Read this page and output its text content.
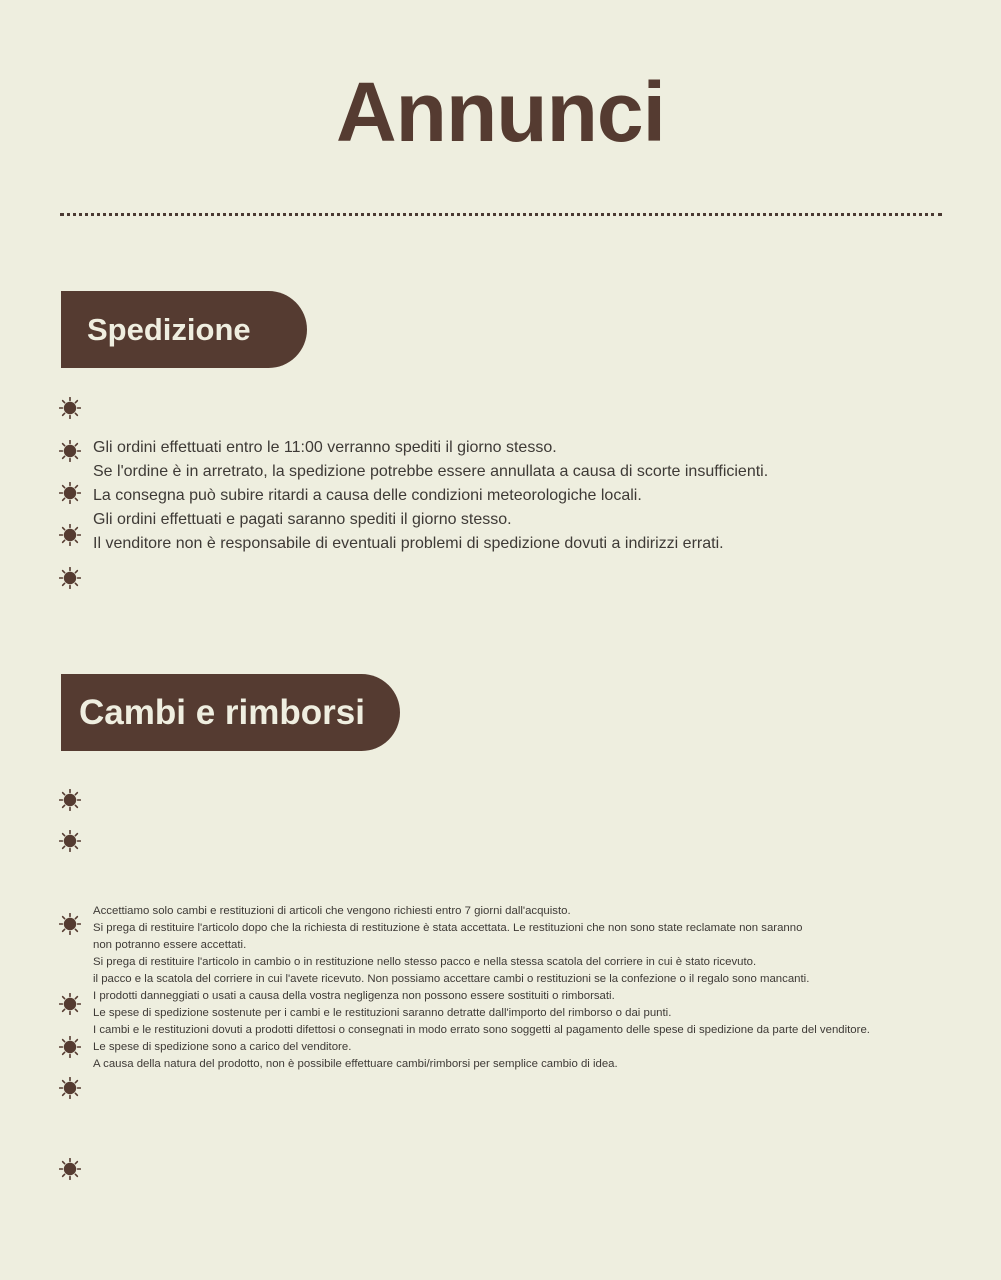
Annunci
Spedizione
Gli ordini effettuati entro le 11:00 verranno spediti il giorno stesso.
Se l'ordine è in arretrato, la spedizione potrebbe essere annullata a causa di scorte insufficienti.
La consegna può subire ritardi a causa delle condizioni meteorologiche locali.
Gli ordini effettuati e pagati saranno spediti il giorno stesso.
Il venditore non è responsabile di eventuali problemi di spedizione dovuti a indirizzi errati.
Cambi e rimborsi
Accettiamo solo cambi e restituzioni di articoli che vengono richiesti entro 7 giorni dall'acquisto.
Si prega di restituire l'articolo dopo che la richiesta di restituzione è stata accettata. Le restituzioni che non sono state reclamate non saranno
non potranno essere accettati.
Si prega di restituire l'articolo in cambio o in restituzione nello stesso pacco e nella stessa scatola del corriere in cui è stato ricevuto.
il pacco e la scatola del corriere in cui l'avete ricevuto. Non possiamo accettare cambi o restituzioni se la confezione o il regalo sono mancanti.
I prodotti danneggiati o usati a causa della vostra negligenza non possono essere sostituiti o rimborsati.
Le spese di spedizione sostenute per i cambi e le restituzioni saranno detratte dall'importo del rimborso o dai punti.
I cambi e le restituzioni dovuti a prodotti difettosi o consegnati in modo errato sono soggetti al pagamento delle spese di spedizione da parte del venditore.
Le spese di spedizione sono a carico del venditore.
A causa della natura del prodotto, non è possibile effettuare cambi/rimborsi per semplice cambio di idea.
